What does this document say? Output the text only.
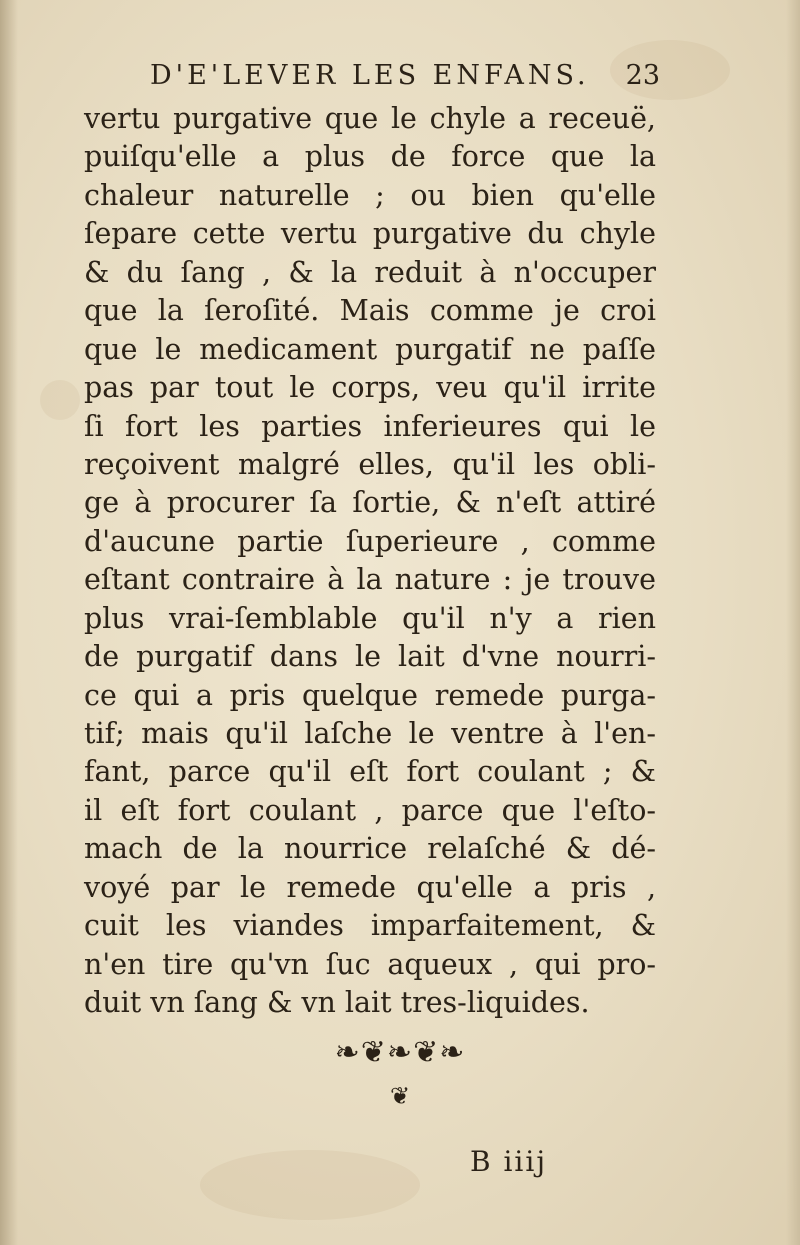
D'E'LEVER LES ENFANS. 23
vertu purgative que le chyle a receuë,
puiſqu'elle a plus de force que la
chaleur naturelle ; ou bien qu'elle
ſepare cette vertu purgative du chyle
& du ſang , & la reduit à n'occuper
que la ſeroſité. Mais comme je croi
que le medicament purgatif ne paſſe
pas par tout le corps, veu qu'il irrite
ſi fort les parties inferieures qui le
reçoivent malgré elles, qu'il les obli-
ge à procurer ſa ſortie, & n'eſt attiré
d'aucune partie ſuperieure , comme
eſtant contraire à la nature : je trouve
plus vrai-ſemblable qu'il n'y a rien
de purgatif dans le lait d'vne nourri-
ce qui a pris quelque remede purga-
tif; mais qu'il laſche le ventre à l'en-
fant, parce qu'il eſt fort coulant ; &
il eſt fort coulant , parce que l'eſto-
mach de la nourrice relaſché & dé-
voyé par le remede qu'elle a pris ,
cuit les viandes imparfaitement, &
n'en tire qu'vn ſuc aqueux , qui pro-
duit vn ſang & vn lait tres-liquides.
❧❦❧❦❧
❦
B iiij
